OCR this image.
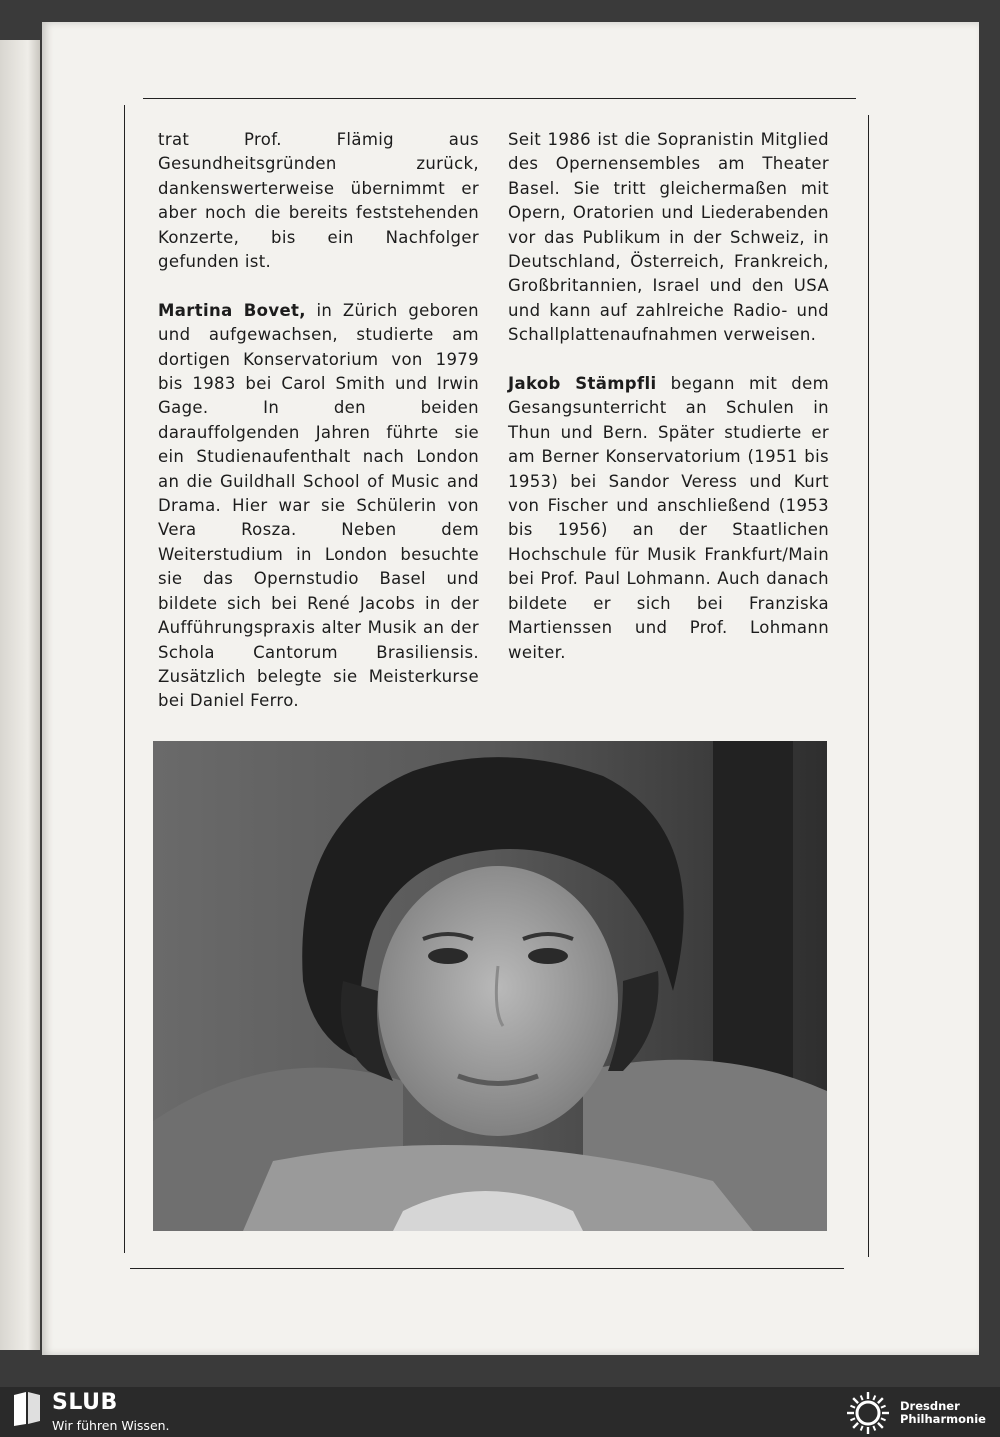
trat Prof. Flämig aus Gesundheitsgründen zurück, dankenswerterweise übernimmt er aber noch die bereits feststehenden Konzerte, bis ein Nachfolger gefunden ist.

Martina Bovet, in Zürich geboren und aufgewachsen, studierte am dortigen Konservatorium von 1979 bis 1983 bei Carol Smith und Irwin Gage. In den beiden darauffolgenden Jahren führte sie ein Studienaufenthalt nach London an die Guildhall School of Music and Drama. Hier war sie Schülerin von Vera Rosza. Neben dem Weiterstudium in London besuchte sie das Opernstudio Basel und bildete sich bei René Jacobs in der Aufführungspraxis alter Musik an der Schola Cantorum Brasiliensis. Zusätzlich belegte sie Meisterkurse bei Daniel Ferro.

Seit 1986 ist die Sopranistin Mitglied des Opernensembles am Theater Basel. Sie tritt gleichermaßen mit Opern, Oratorien und Liederabenden vor das Publikum in der Schweiz, in Deutschland, Österreich, Frankreich, Großbritannien, Israel und den USA und kann auf zahlreiche Radio- und Schallplattenaufnahmen verweisen.

Jakob Stämpfli begann mit dem Gesangsunterricht an Schulen in Thun und Bern. Später studierte er am Berner Konservatorium (1951 bis 1953) bei Sandor Veress und Kurt von Fischer und anschließend (1953 bis 1956) an der Staatlichen Hochschule für Musik Frankfurt/Main bei Prof. Paul Lohmann. Auch danach bildete er sich bei Franziska Martienssen und Prof. Lohmann weiter.

SLUB
Wir führen Wissen.
Dresdner
Philharmonie
